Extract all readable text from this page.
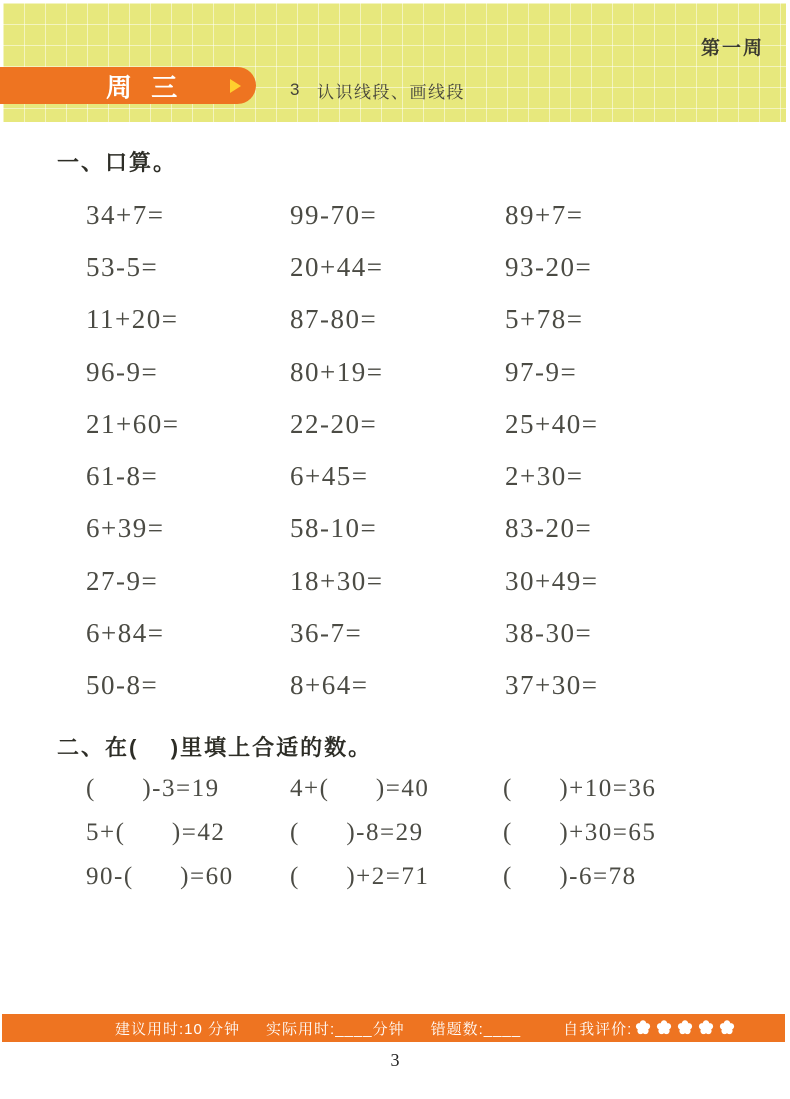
第一周
周 三	3 认识线段、画线段
一、口算。
34+7=	99-70=	89+7=
53-5=	20+44=	93-20=
11+20=	87-80=	5+78=
96-9=	80+19=	97-9=
21+60=	22-20=	25+40=
61-8=	6+45=	2+30=
6+39=	58-10=	83-20=
27-9=	18+30=	30+49=
6+84=	36-7=	38-30=
50-8=	8+64=	37+30=
二、在(    )里填上合适的数。
(      )-3=19	4+(      )=40	(      )+10=36
5+(      )=42	(      )-8=29	(      )+30=65
90-(      )=60	(      )+2=71	(      )-6=78
建议用时:10 分钟 实际用时:____分钟 错题数:____	自我评价:
3
